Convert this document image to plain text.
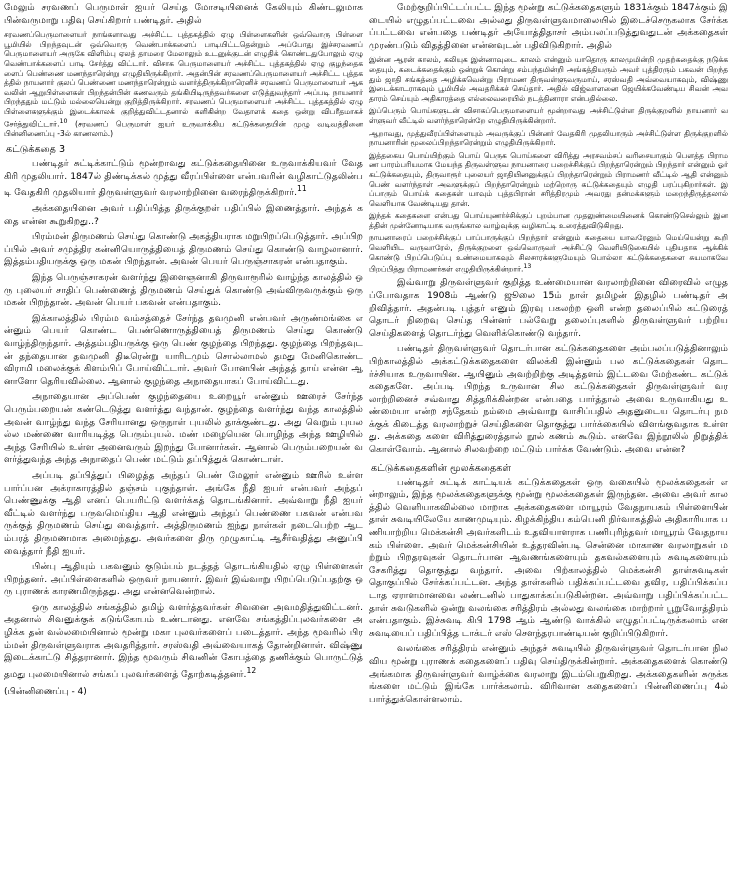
மேலும் சரவணப் பெருமாள் ஐயர் செய்த மோசடியினைக் கேலியும் கிண்டலுமாக பின்வருமாறு பதிவு செய்கிறார் பண்டிதர். அதில்

சரவணப்பெருமாளையர் நாங்களாவது அச்சிட்ட புத்தகத்தில் ஏழு பிள்ளைகளின் ஒவ்வொரு பிள்ளை பூமியில் பிறந்தவுடன் ஒவ்வொரு வெண்பாக்களைப் பாடியிட்டதென்றும் அப்போது இச்சரவணப் பெருமாளையர் அருகே விளிம்பு ஏலத் தாமரை மேலாலும் உடனுக்குடன் எழுதிக் கொண்டதுபோலும் ஏழு வெண்பாக்களைப் பாடி சேர்த்து விட்டார். விசாக பெருமாளையர் அச்சிட்ட புத்தகத்தில் ஏழு குழந்தைகளைப் பெண்ணை மணந்தாரென்று எழுதியிருக்கிறார். அதன்பின் சரவணப்பெருமாளையர் அச்சிட்ட புத்தகத்தில் நாயனார் குலப் பெண்ணை மணந்தாரென்றும் வளர்த்திருக்கிறாரெனிச் சரவணப் பெருமாளையர் ஆகவலின் ஆறுபிள்ளைகள் பிறந்தன்பின் கணவரும் தங்கியிடிருந்தவர்களை எடுத்துவந்தார் அப்படி நாயனார் பிறந்ததும் மட்டும் மல்லையென்று குறித்திருக்கிறார். சரவணப் பெருமாளையர் அச்சிட்ட புத்தகத்தில் ஏழு பிள்ளைகளுக்கும் இடைக்காலக் குறித்துவிட்டதனால் களிகின்ற வேதாளக் கதை ஒன்று விபரீதமாகச் சேர்த்துவிட்டார்.$^{10}$ (சரவணப் பெருமாள் ஐயர் உருவாக்கிய கட்டுக்கதையின் முழு வடிவத்தினை பின்னிணைப்பு -3ல் காணலாம்.)

கட்டுக்கதை 3

பண்டிதர் சுட்டிக்காட்டும் மூன்றாவது கட்டுக்கதையினை உருவாக்கியவர் வேதகிரி முதலியார். 1847ல் திண்டிக்கல் முத்து வீரப்பிள்ளை என்பவரின் வழிகாட்டுதலின்படி வேதகிரி முதலியார் திருவள்ளுவர் வரலாற்றினை வரைந்திருக்கிறார்.$^{11}$

அக்கதையினை அவர் பதிப்பித்த திருக்குறள் பதிப்பில் இணைத்தார். அந்தக் கதை என்ன கூறுகிறது..?

பிரம்மன் திருமணம் செய்து கொண்டு அகத்தியராக மறுபிறப்பெடுத்தார். அப்பிறப்பில் அவர் சமுத்திர கன்னியொருத்தியைத் திருமணம் செய்து கொண்டு வாழலானார். இத்தம்பதியருக்கு ஒரு மகன் பிறந்தான். அவன் பெயர் பெருஞ்சாகரன் என்பதாகும்.

இந்த பெருஞ்சாகரன் வளர்ந்து இளைஞனாகி திருவாரூரில் வாழ்ந்த காலத்தில் ஒரு புலையர் சாதிப் பெண்ணைத் திருமணம் செய்துக் கொண்டு அவ்விருவருக்கும் ஒரு மகன் பிறந்தான். அவன் பெயர் பகவன் என்பதாகும்.

இக்காலத்தில் பிரம்ம வம்சத்தைச் சேர்ந்த தவமுனி என்பவர் அருண்மங்கை என்னும் பெயர் கொண்ட பெண்ணொருத்தியைத் திருமணம் செய்து கொண்டு வாழ்ந்திருந்தார். அத்தம்பதியருக்கு ஒரு பெண் குழந்தை பிறந்தது. குழந்தை பிறந்தவுடன் தந்தையான தவமுனி திடீரென்று யாரிடமும் சொல்லாமல் தமது மேனிகொண்ட விராமி மலைக்குக் கிளம்பிப் போய்விட்டார். அவர் போனபின் அந்தத் தாய் என்ன ஆனாளோ தெரியவில்லை. ஆனால் குழந்தை அநாதையாகப் போய்விட்டது.

அநாதையான அப்பெண் குழந்தையை உறையூர் என்னும் ஊரைச் சேர்ந்த பெரும்பறையன் கண்டெடுத்து வளர்த்து வந்தான். குழந்தை வளர்ந்து வந்த காலத்தில் அவன் வாழ்ந்து வந்த சேரியானது ஒருநாள் புயலில் தாக்குண்டது. அது வெறும் புயலல்ல மண்ணை வாரியடித்த பெரும்புயல். மண் மழையென பொழிந்த அந்த ஊழியில் அந்த சேரியில் உள்ள அனைவரும் இறந்து போனார்கள். ஆனால் பெரும்பறையன் வளர்த்துவந்த அந்த அநாதைப் பெண் மட்டும் தப்பித்துக் கொண்டாள்.

அப்படி தப்பித்துப் பிழைத்த அந்தப் பெண் மேலூர் என்னும் ஊரில் உள்ள பார்ப்பன அக்ராகாரத்தில் தஞ்சம் புகுந்தாள். அங்கே நீதி ஐயர் என்பவர் அந்தப் பெண்ணுக்கு ஆதி எனப் பெயரிட்டு வளர்க்கத் தொடங்கினார். அவ்வாறு நீதி ஐயர் வீட்டில் வளர்ந்து பருவமெய்திய ஆதி என்னும் அந்தப் பெண்ணை பகவன் என்பவருக்குத் திருமணம் செய்து வைத்தார். அத்திருமணம் ஐந்து நாள்கள் நடைபெற்ற ஆடம்பரத் திருமணமாக அமைந்தது. அவர்களை திரு முழுகாட்டி ஆசீர்வதித்து அனுப்பி வைத்தார் நீதி ஐயர்.

பின்பு ஆதியும் பகவனும் குடும்பம் நடத்தத் தொடங்கியதில் ஏழு பிள்ளைகள் பிறந்தனர். அப்பிள்ளைகளில் ஒருவர் நாயனார். இவர் இவ்வாறு பிறப்பெடுப்பதற்கு ஒரு புராணக் காரணமிருந்தது. அது என்னவென்றால்.

ஒரு காலத்தில் சங்கத்தில் தமிழ் வளர்த்தவர்கள் சிவனை அவமதித்துவிட்டனர். அதனால் சிவனுக்குக் கடுங்கோபம் உண்டானது. எனவே சங்கத்திப்புலவர்களை அழிக்க தன் வல்லமையினால் மூன்று மகா புலவர்களைப் படைத்தார். அந்த மூவரில் பிரம்மன் திருவள்ளுவராக அவதரித்தார். சரஸ்வதி அவ்வையாகத் தோன்றினாள். விஷ்ணு இடைக்காட்டு சித்தரானார். இந்த மூவரும் சிவனின் கோபத்தை தணிக்கும் பொருட்டுத் தமது புலமையினால் சங்கப் புலவர்களைத் தோற்கடித்தனர்.$^{12}$

(பின்னிணைப்பு - 4)

மேற்குறிப்பிட்டப்பட்ட இந்த மூன்று கட்டுக்கதைகளும் 1831க்கும் 1847க்கும் இடையில் எழுதப்பட்டவை அல்லது திருவள்ளுவமாலையில் இடைச்செருகலாக சேர்க்கப்பட்டவை என்பதை பண்டிதர் அயோத்திதாசர் அம்பலப்படுத்துவதுடன் அக்கதைகள் முரண்படும் விதத்தினை என்னவுடன் பதிவிடுகிறார். அதில்

இன்ன ஆரன் காலம், கலியுக இன்னாவுடை காலம் என்னும் யாதொரு காலமுமின்றி முதற்கதைக்கு நடுக்கதையும், கடைக்கதைக்கும் ஒன்றுக் கொன்று சம்பந்தமின்றி அங்கத்தியரும் அவர் புத்திரரும் பகவன் பிறந்ததும் ஜாதி சங்கத்தை அழிக்கவென்று பிராமண திருவள்ளுவருமாய், சரஸ்வதி அவ்வையாகவும், விஷ்ணு இடைக்காடராகவும் பூமியில் அவதரிக்கச் செய்தார். அதில் விஜ்வாளனை ஜெயிக்கவேண்டிய சிவன் அவதாரம் செய்யும் அதிகாரத்தை எல்லைவரையில் நடத்தினாரா என்பதில்லை.

இப்பெரும் பொய்களுடன் விசாகப்பெருமாளையர் மூன்றாவது அச்சிட்டுள்ள திருக்குறளில் நாயனார் வள்ளுவர் வீட்டில் வளர்ந்தாரென்றே எழுதியிருக்கின்றார்.

ஆறாவது, முத்துவீரப்பிள்ளையும் அவருக்குப் பின்னர் வேதகிரி முதலியாரும் அச்சிட்டுள்ள திருக்குறளில் நாயனாரின் மூலைப்பிறந்தாரென்றும் எழுதியிருக்கிறார்.

இத்தகைய பொய்யிற்கும் பொய் பெருக பொய்களை விரித்து அரசவம்சப் வரிசையாகும் பெளத்த பிராமண பாரம்பரியமாக மேயந்த திருவள்ளுவ நாயனாரை பறைச்சிக்குப் பிறந்தாரென்றும் பிறந்தார் என்னும் ஓர் கட்டுக்கதையும், திருவாரூர் புலையர் ஜாதியினனுக்குப் பிறந்தாரென்றும் பிராமணர் வீட்டில் ஆதி என்னும் பெண் வளர்ந்தாள் அவளுக்குப் பிறந்தாரென்றும் மற்றொரு கட்டுக்கதையும் எழுதி பரப்புகிறார்கள். இப்பாரும் பொய்க் கதைகள் யாவும் புத்தபிரான் சரித்திரமும் அவரது தன்மக்களும் மறைந்திருத்தலால் வெளியாக வேண்டியது தான்.

இந்தக் கதைகளை என்பது பொய்யுணர்ச்சிக்குப் புறம்பான முதலுண்மையினைக் கொண்டுசெல்லும் இனத்தின் முன்னோடியாக வருங்கால வாழ்வுக்கு வழிகாட்டி உரைத்துவிடுகிறது.

நாயனாரைப் பறைச்சிக்குப் பாப்பாருக்குப் பிறந்தார் என்னும் கதையை யாவரேனும் மெய்யென்று கூறி வெளியிட வருவாரேல், திருக்குறளை ஒவ்வொருவர் அச்சிட்டு வெளியிடுகையில் புதியதாக ஆக்கிக் கொண்டு பிறப்பெடுப்பு உண்மையாகவும் சிலசாரக்களுமேயும் பொல்லா கட்டுக்கதைகளை சுயமாகவே பிறப்பித்து பிராமணர்கள் எழுதியிருக்கின்றார்.$^{13}$

இவ்வாறு திருவள்ளுவர் குறித்த உண்மையான வரலாற்றினை விரைவில் எழுதப்போவதாக 1908ம் ஆண்டு ஜூலை 15ம் நாள் தமிழன் இதழில் பண்டிதர் அறிவித்தார். அதன்படி புத்தர் எனும் இரவு பகலற்ற ஒளி என்ற தலைப்பில் கட்டுரைத் தொடர் நிறைவு செய்த பின்னர் பல்வேறு தலைப்புகளில் திருவள்ளுவர் பற்றிய செய்திகளைத் தொடர்ந்து வெளிக்கொண்டு வந்தார்.

பண்டிதர் திருவள்ளுவர் தொடர்பான கட்டுக்கதைகளை அம்பலப்படுத்தினாலும் பிற்காலத்தில் அக்கட்டுக்கதைகளை விலக்கி இன்னும் பல கட்டுக்கதைகள் தொடர்ச்சியாக உருவாயின. ஆயினும் அவற்றிற்கு அடித்தளம் இட்டவை மேற்கண்ட கட்டுக் கதைகளே. அப்படி பிறந்த உருவான சில கட்டுக்கதைகள் திருவள்ளுவர் வரலாற்றினைச் சவ்வாது சித்தரிக்கின்றன என்பதை பார்த்தால் அவை உருவாகியது உண்மையா என்ற சந்தேகம் நம்மை அவ்வாறு வாசிப்பதில் அதனுடைய தொடர்பு நமக்குக் கிடைத்த வரலாற்றுச் செய்திகளை தொகுத்து பார்க்கையில் விளங்குவதாக உள்ளது. அக்கதை களை விரித்துரைத்தால் நூல் கணம் கூடும். எனவே இந்நூலில் நிறுத்திக் கொள்வோம். ஆனால் சிலவற்றை மட்டும் பார்க்க வேண்டும். அவை என்ன?

கட்டுக்கதைகளின் மூலக்கதைகள்

பண்டிதர் சுட்டிக் காட்டியக் கட்டுக்கதைகள் ஒரு வகையில் மூலக்கதைகள் என்றாலும், இந்த மூலக்கதைகளுக்கு மூன்று மூலக்கதைகள் இருந்தன. அவை அவர் காலத்தில் வெளியாகவில்லை மாறாக அக்கதைகளை மாயூரம் வேதநாயகம் பிள்ளையின் தாள் சுவடியிலேயே காணமுடியும். கிழக்கிந்திய கம்பெனி நிர்வாகத்தில் அதிகாரியாக பணியாற்றிய மெக்கன்சி அவர்களிடம் உதவியாளராக பணிபுரிந்தவர் மாயூரம் வேதநாயகம் பிள்ளை. அவர் மெக்கன்சியின் உத்தரவின்படி சென்னை மாகாண வரலாறுகள் மற்றும் பிறதரவுகள் தொடர்பான ஆவணங்களையும் தகவல்களையும் சுவடிகளையும் சேகரித்து தொகுத்து வந்தார். அவை பிற்காலத்தில் மெக்கன்சி தாள்சுவடிகள் தொகுப்பில் சேர்க்கப்பட்டன. அந்த தாள்களில் பதிக்கப்பட்டவை தவிர, பதிப்பிக்கப்படாத ஏராளமானவை லண்டனில் பாதுகாக்கப்படுகின்றன. அவ்வாறு பதிப்பிக்கப்பட்ட தாள் சுவடுகளில் ஒன்று வலங்கை சரித்திரம் அல்லது வலங்கை மாற்றார் பூறுவோத்திரம் என்பதாகும். இச்சுவடி கிபி 1798 ஆம் ஆண்டு வாக்கில் எழுதப்பட்டிருக்கலாம் என சுவடியைப் பதிப்பித்த டாக்டர் எஸ் சௌந்தரபாண்டியன் குறிப்பிடுகிறார்.

வலங்கை சரித்திரம் என்னும் அந்தச் சுவடியில் திருவள்ளுவர் தொடர்பான நிலவிய மூன்று புராணக் கதைகளைப் பதிவு செய்திருக்கின்றார். அக்கதைகளைக் கொண்டு அங்கமாக திருவள்ளுவர் வாழ்க்கை வரலாறு இடம்பெறுகிறது. அக்கதைகளின் சுருக்கங்களை மட்டும் இங்கே பார்க்கலாம். விரிவான கதைகளைப் பின்னிணைப்பு 4ல் பார்த்துக்கொள்ளலாம்.
